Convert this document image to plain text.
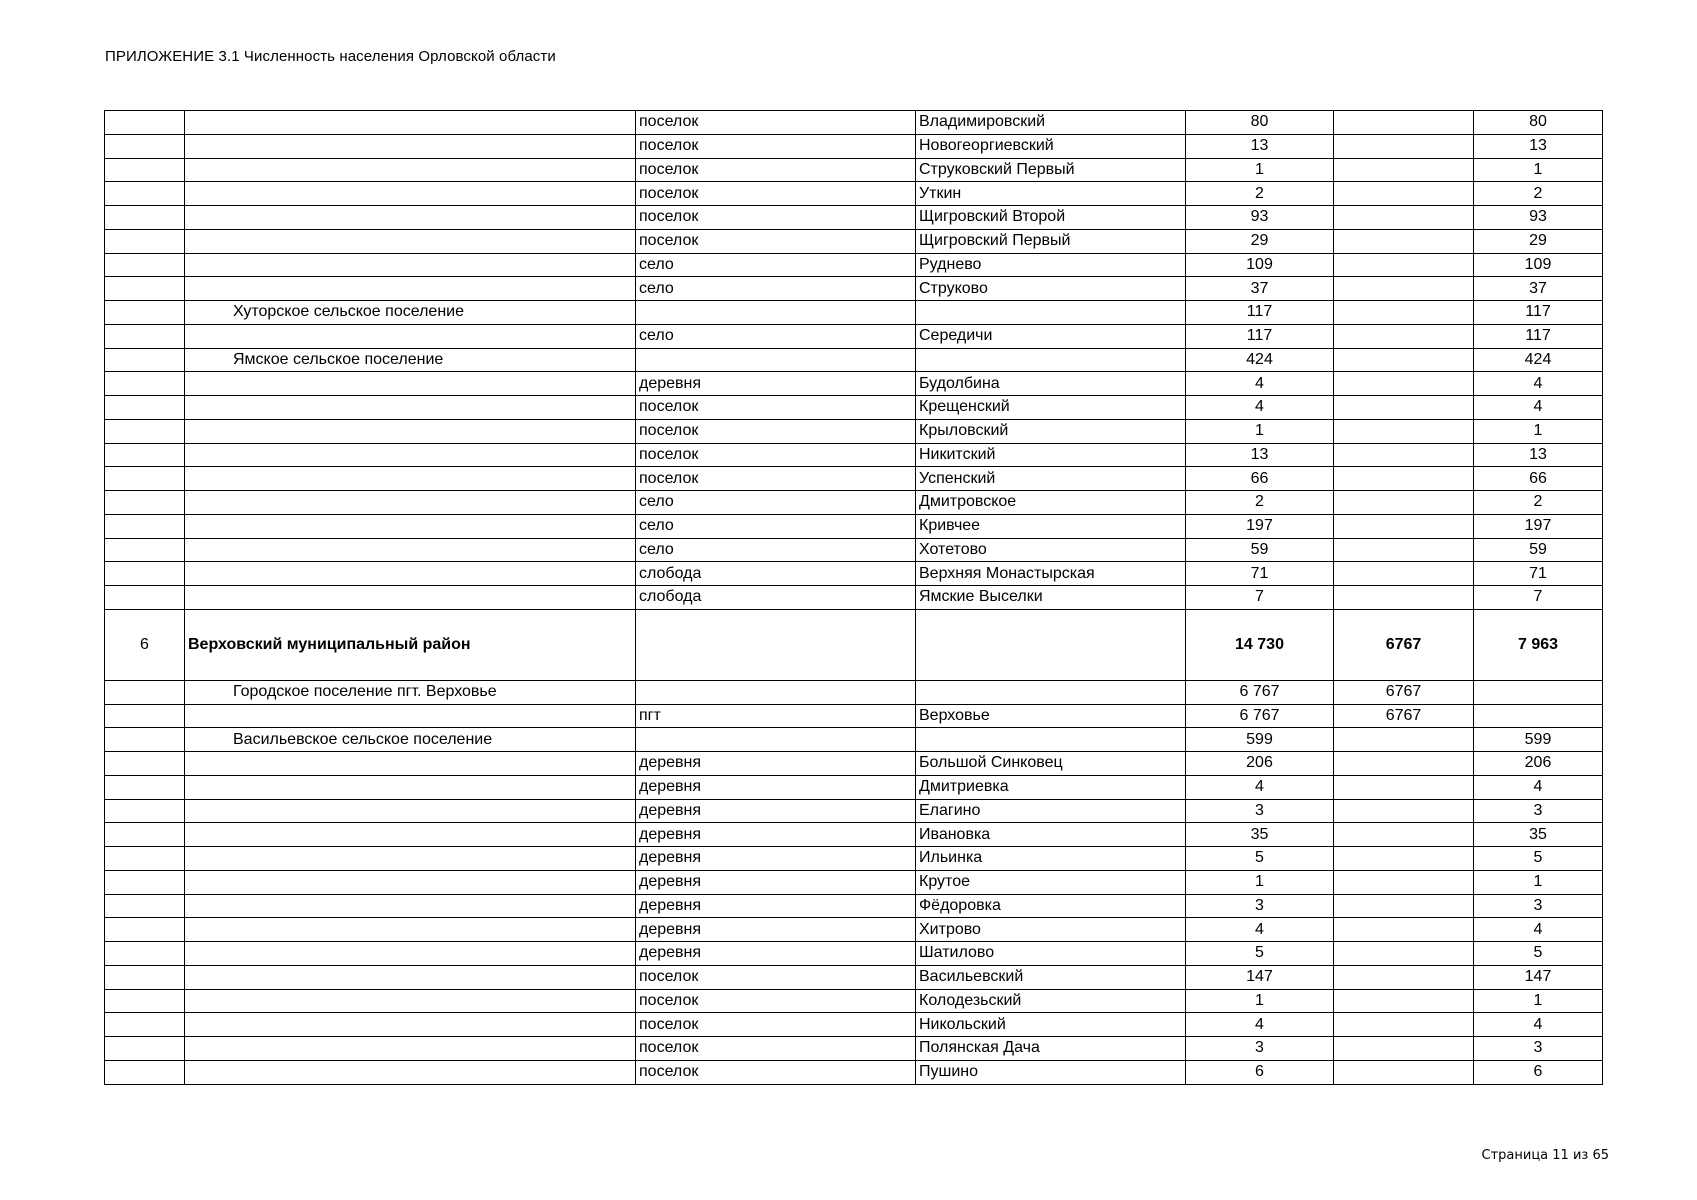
ПРИЛОЖЕНИЕ 3.1 Численность населения Орловской области
		поселок	Владимировский	80		80
		поселок	Новогеоргиевский	13		13
		поселок	Струковский Первый	1		1
		поселок	Уткин	2		2
		поселок	Щигровский Второй	93		93
		поселок	Щигровский Первый	29		29
		село	Руднево	109		109
		село	Струково	37		37
	Хуторское сельское поселение			117		117
		село	Середичи	117		117
	Ямское сельское поселение			424		424
		деревня	Будолбина	4		4
		поселок	Крещенский	4		4
		поселок	Крыловский	1		1
		поселок	Никитский	13		13
		поселок	Успенский	66		66
		село	Дмитровское	2		2
		село	Кривчее	197		197
		село	Хотетово	59		59
		слобода	Верхняя Монастырская	71		71
		слобода	Ямские Выселки	7		7
6	Верховский муниципальный район			14 730	6767	7 963
	Городское поселение пгт. Верховье			6 767	6767	
		пгт	Верховье	6 767	6767	
	Васильевское сельское поселение			599		599
		деревня	Большой Синковец	206		206
		деревня	Дмитриевка	4		4
		деревня	Елагино	3		3
		деревня	Ивановка	35		35
		деревня	Ильинка	5		5
		деревня	Крутое	1		1
		деревня	Фёдоровка	3		3
		деревня	Хитрово	4		4
		деревня	Шатилово	5		5
		поселок	Васильевский	147		147
		поселок	Колодезьский	1		1
		поселок	Никольский	4		4
		поселок	Полянская Дача	3		3
		поселок	Пушино	6		6
Страница 11 из 65
